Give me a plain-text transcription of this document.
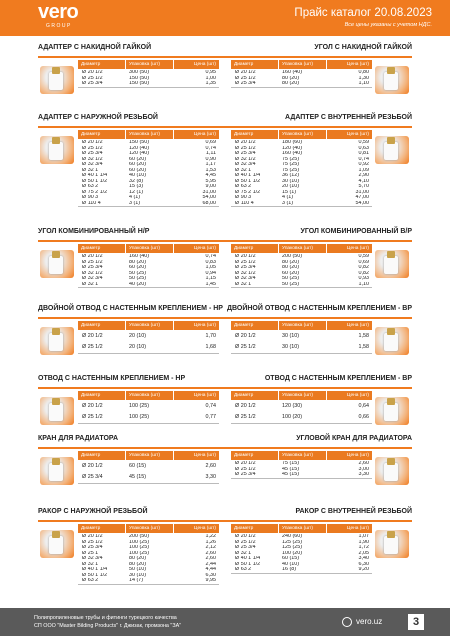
vero
GROUP
Прайс каталог 20.08.2023
Все цены указаны с учетом НДС.
АДАПТЕР С НАКИДНОЙ ГАЙКОЙ
Диаметр	Упаковка (шт)	Цена (шт)
Ø 20 1/2	300 (50)	0,95
Ø 25 1/2	150 (50)	1,00
Ø 25 3/4	150 (50)	1,35
УГОЛ С НАКИДНОЙ ГАЙКОЙ
Диаметр	Упаковка (шт)	Цена (шт)
Ø 20 1/2	160 (40)	0,80
Ø 25 1/2	80 (20)	1,30
Ø 25 3/4	80 (20)	1,10
АДАПТЕР С НАРУЖНОЙ РЕЗЬБОЙ
Диаметр	Упаковка (шт)	Цена (шт)
Ø 20 1/2	150 (50)	0,69
Ø 25 1/2	120 (40)	0,74
Ø 25 3/4	120 (40)	1,11
Ø 32 1/2	60 (20)	0,90
Ø 32 3/4	60 (20)	1,17
Ø 32 1	60 (20)	1,53
Ø 40 1 1/4	40 (10)	4,45
Ø 50 1 1/2	32 (8)	5,95
Ø 63 2	15 (3)	9,00
Ø 75 2 1/2	12 (1)	31,00
Ø 90 3	4 (1)	54,00
Ø 110 4	3 (1)	68,00
АДАПТЕР С ВНУТРЕННЕЙ РЕЗЬБОЙ
Диаметр	Упаковка (шт)	Цена (шт)
Ø 20 1/2	180 (60)	0,59
Ø 25 1/2	120 (40)	0,63
Ø 25 3/4	160 (40)	0,81
Ø 32 1/2	75 (25)	0,74
Ø 32 3/4	75 (25)	0,92
Ø 32 1	75 (25)	1,09
Ø 40 1 1/4	36 (12)	2,90
Ø 50 1 1/2	30 (10)	4,10
Ø 63 2	20 (10)	5,70
Ø 75 2 1/2	15 (1)	31,00
Ø 90 3	4 (1)	47,00
Ø 110 4	3 (1)	54,00
УГОЛ КОМБИНИРОВАННЫЙ Н/Р
Диаметр	Упаковка (шт)	Цена (шт)
Ø 20 1/2	160 (40)	0,74
Ø 25 1/2	80 (20)	0,83
Ø 25 3/4	60 (20)	1,05
Ø 32 1/2	50 (25)	0,94
Ø 32 3/4	50 (25)	1,15
Ø 32 1	40 (20)	1,45
УГОЛ КОМБИНИРОВАННЫЙ В/Р
Диаметр	Упаковка (шт)	Цена (шт)
Ø 20 1/2	200 (50)	0,59
Ø 25 1/2	80 (20)	0,69
Ø 25 3/4	80 (20)	0,82
Ø 32 1/2	60 (20)	0,82
Ø 32 3/4	50 (25)	0,93
Ø 32 1	50 (25)	1,10
ДВОЙНОЙ ОТВОД С НАСТЕННЫМ КРЕПЛЕНИЕМ - НР
Диаметр	Упаковка (шт)	Цена (шт)
Ø 20 1/2	20 (10)	1,70
Ø 25 1/2	20 (10)	1,68
ДВОЙНОЙ ОТВОД С НАСТЕННЫМ КРЕПЛЕНИЕМ - ВР
Диаметр	Упаковка (шт)	Цена (шт)
Ø 20 1/2	30 (10)	1,58
Ø 25 1/2	30 (10)	1,58
ОТВОД С НАСТЕННЫМ КРЕПЛЕНИЕМ - НР
Диаметр	Упаковка (шт)	Цена (шт)
Ø 20 1/2	100 (25)	0,74
Ø 25 1/2	100 (25)	0,77
ОТВОД С НАСТЕННЫМ КРЕПЛЕНИЕМ - ВР
Диаметр	Упаковка (шт)	Цена (шт)
Ø 20 1/2	120 (30)	0,64
Ø 25 1/2	100 (20)	0,66
КРАН ДЛЯ РАДИАТОРА
Диаметр	Упаковка (шт)	Цена (шт)
Ø 20 1/2	60 (15)	2,60
Ø 25 3/4	45 (15)	3,30
УГЛОВОЙ КРАН ДЛЯ РАДИАТОРА
Диаметр	Упаковка (шт)	Цена (шт)
Ø 20 1/2	75 (15)	2,60
Ø 25 1/2	45 (15)	3,00
Ø 25 3/4	45 (15)	3,30
РАКОР С НАРУЖНОЙ РЕЗЬБОЙ
Диаметр	Упаковка (шт)	Цена (шт)
Ø 20 1/2	200 (50)	1,22
Ø 25 1/2	100 (25)	1,26
Ø 25 3/4	100 (25)	2,12
Ø 25 1	100 (25)	2,60
Ø 32 3/4	80 (20)	2,60
Ø 32 1	80 (20)	2,44
Ø 40 1 1/4	50 (10)	4,44
Ø 50 1 1/2	30 (10)	6,30
Ø 63 2	14 (7)	9,95
РАКОР С ВНУТРЕННЕЙ РЕЗЬБОЙ
Диаметр	Упаковка (шт)	Цена (шт)
Ø 20 1/2	240 (60)	1,07
Ø 25 1/2	125 (25)	1,90
Ø 25 3/4	125 (25)	1,72
Ø 32 1	100 (20)	2,05
Ø 40 1 1/4	60 (15)	3,40
Ø 50 1 1/2	40 (10)	6,30
Ø 63 2	16 (8)	9,20
Полипропиленовые трубы и фитинги турецкого качества
СП ООО "Master Bilding Products" г. Джизак, промзона "ЗА"	vero.uz	3
